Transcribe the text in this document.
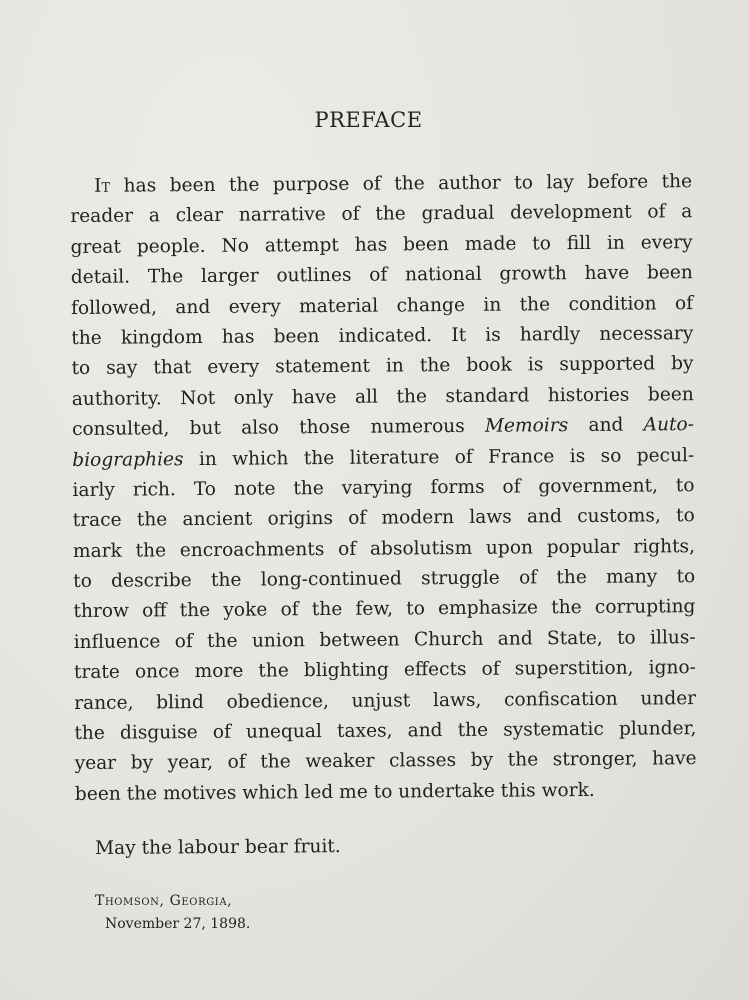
PREFACE
It has been the purpose of the author to lay before the
reader a clear narrative of the gradual development of a
great people. No attempt has been made to fill in every
detail. The larger outlines of national growth have been
followed, and every material change in the condition of
the kingdom has been indicated. It is hardly necessary
to say that every statement in the book is supported by
authority. Not only have all the standard histories been
consulted, but also those numerous Memoirs and Auto-
biographies in which the literature of France is so pecul-
iarly rich. To note the varying forms of government, to
trace the ancient origins of modern laws and customs, to
mark the encroachments of absolutism upon popular rights,
to describe the long-continued struggle of the many to
throw off the yoke of the few, to emphasize the corrupting
influence of the union between Church and State, to illus-
trate once more the blighting effects of superstition, igno-
rance, blind obedience, unjust laws, confiscation under
the disguise of unequal taxes, and the systematic plunder,
year by year, of the weaker classes by the stronger, have
been the motives which led me to undertake this work.
May the labour bear fruit.
Thomson, Georgia,
November 27, 1898.
